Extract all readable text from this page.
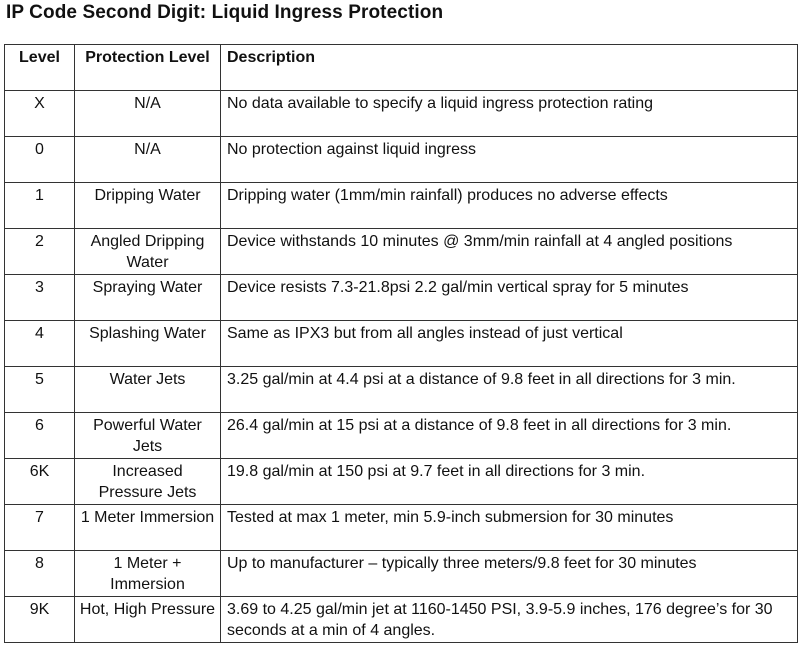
IP Code Second Digit: Liquid Ingress Protection
Level	Protection Level	Description
X	N/A	No data available to specify a liquid ingress protection rating
0	N/A	No protection against liquid ingress
1	Dripping Water	Dripping water (1mm/min rainfall) produces no adverse effects
2	Angled Dripping Water	Device withstands 10 minutes @ 3mm/min rainfall at 4 angled positions
3	Spraying Water	Device resists 7.3-21.8psi 2.2 gal/min vertical spray for 5 minutes
4	Splashing Water	Same as IPX3 but from all angles instead of just vertical
5	Water Jets	3.25 gal/min at 4.4 psi at a distance of 9.8 feet in all directions for 3 min.
6	Powerful Water Jets	26.4 gal/min at 15 psi at a distance of 9.8 feet in all directions for 3 min.
6K	Increased Pressure Jets	19.8 gal/min at 150 psi at 9.7 feet in all directions for 3 min.
7	1 Meter Immersion	Tested at max 1 meter, min 5.9-inch submersion for 30 minutes
8	1 Meter + Immersion	Up to manufacturer – typically three meters/9.8 feet for 30 minutes
9K	Hot, High Pressure	3.69 to 4.25 gal/min jet at 1160-1450 PSI, 3.9-5.9 inches, 176 degree’s for 30 seconds at a min of 4 angles.
